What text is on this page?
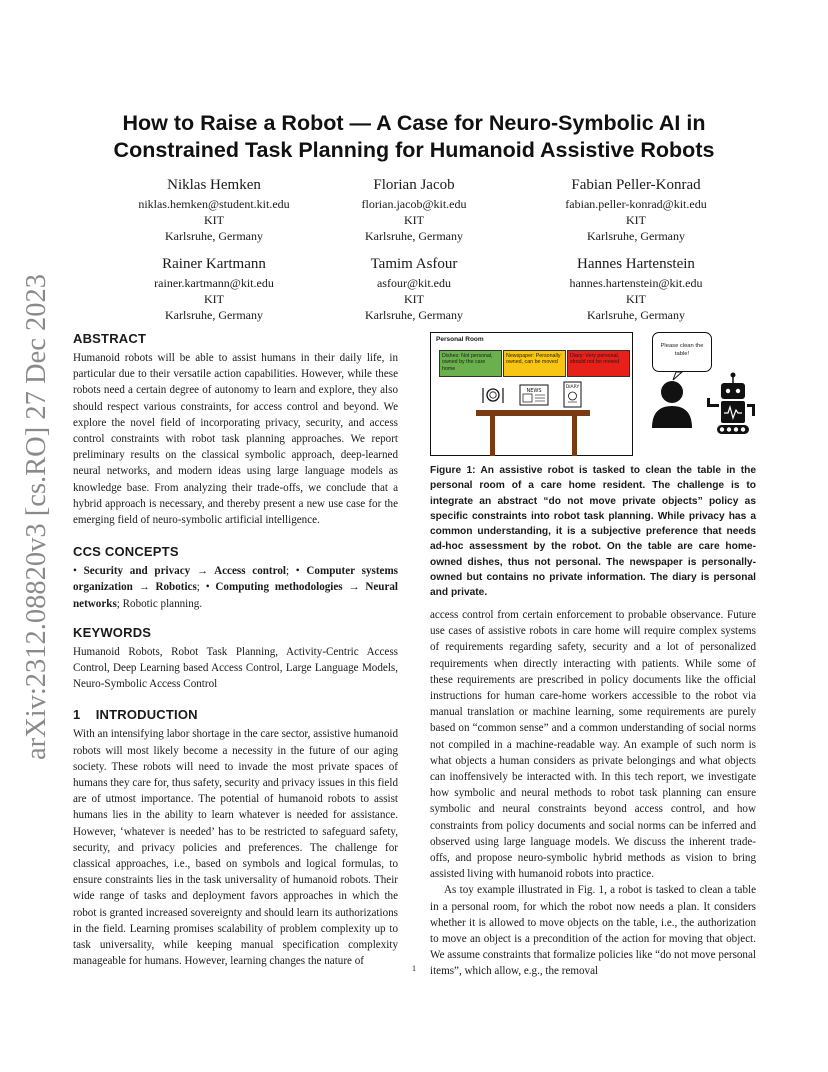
arXiv:2312.08820v3 [cs.RO] 27 Dec 2023
How to Raise a Robot — A Case for Neuro-Symbolic AI in Constrained Task Planning for Humanoid Assistive Robots
Niklas Hemken
niklas.hemken@student.kit.edu
KIT
Karlsruhe, Germany
Florian Jacob
florian.jacob@kit.edu
KIT
Karlsruhe, Germany
Fabian Peller-Konrad
fabian.peller-konrad@kit.edu
KIT
Karlsruhe, Germany
Rainer Kartmann
rainer.kartmann@kit.edu
KIT
Karlsruhe, Germany
Tamim Asfour
asfour@kit.edu
KIT
Karlsruhe, Germany
Hannes Hartenstein
hannes.hartenstein@kit.edu
KIT
Karlsruhe, Germany
ABSTRACT

Humanoid robots will be able to assist humans in their daily life, in particular due to their versatile action capabilities. However, while these robots need a certain degree of autonomy to learn and explore, they also should respect various constraints, for access control and beyond. We explore the novel field of incorporating privacy, security, and access control constraints with robot task planning approaches. We report preliminary results on the classical symbolic approach, deep-learned neural networks, and modern ideas using large language models as knowledge base. From analyzing their trade-offs, we conclude that a hybrid approach is necessary, and thereby present a new use case for the emerging field of neuro-symbolic artificial intelligence.

CCS CONCEPTS

• Security and privacy → Access control; • Computer systems organization → Robotics; • Computing methodologies → Neural networks; Robotic planning.

KEYWORDS

Humanoid Robots, Robot Task Planning, Activity-Centric Access Control, Deep Learning based Access Control, Large Language Models, Neuro-Symbolic Access Control

1 INTRODUCTION

With an intensifying labor shortage in the care sector, assistive humanoid robots will most likely become a necessity in the future of our aging society. These robots will need to invade the most private spaces of humans they care for, thus safety, security and privacy issues in this field are of utmost importance. The potential of humanoid robots to assist humans lies in the ability to learn whatever is needed for assistance. However, ‘whatever is needed’ has to be restricted to safeguard safety, security, and privacy policies and preferences. The challenge for classical approaches, i.e., based on symbols and logical formulas, to ensure constraints lies in the task universality of humanoid robots. Their wide range of tasks and deployment favors approaches in which the robot is granted increased sovereignty and should learn its authorizations in the field. Learning promises scalability of problem complexity up to task universality, while keeping manual specification complexity manageable for humans. However, learning changes the nature of

Personal Room
Dishes: Not personal, owned by the care home
Newspaper: Personally owned, can be moved
Diary: Very personal, should not be moved
NEWS
DIARY
Please clean the table!
Figure 1: An assistive robot is tasked to clean the table in the personal room of a care home resident. The challenge is to integrate an abstract “do not move private objects” policy as specific constraints into robot task planning. While privacy has a common understanding, it is a subjective preference that needs ad-hoc assessment by the robot. On the table are care home-owned dishes, thus not personal. The newspaper is personally-owned but contains no private information. The diary is personal and private.

access control from certain enforcement to probable observance. Future use cases of assistive robots in care home will require complex systems of requirements regarding safety, security and a lot of personalized requirements when directly interacting with patients. While some of these requirements are prescribed in policy documents like the official instructions for human care-home workers accessible to the robot via manual translation or machine learning, some requirements are purely based on “common sense” and a common understanding of social norms not compiled in a machine-readable way. An example of such norm is what objects a human considers as private belongings and what objects can inoffensively be interacted with. In this tech report, we investigate how symbolic and neural methods to robot task planning can ensure symbolic and neural constraints beyond access control, and how constraints from policy documents and social norms can be inferred and observed using large language models. We discuss the inherent trade-offs, and propose neuro-symbolic hybrid methods as vision to bring assisted living with humanoid robots into practice.

As toy example illustrated in Fig. 1, a robot is tasked to clean a table in a personal room, for which the robot now needs a plan. It considers whether it is allowed to move objects on the table, i.e., the authorization to move an object is a precondition of the action for moving that object. We assume constraints that formalize policies like “do not move personal items”, which allow, e.g., the removal

1
